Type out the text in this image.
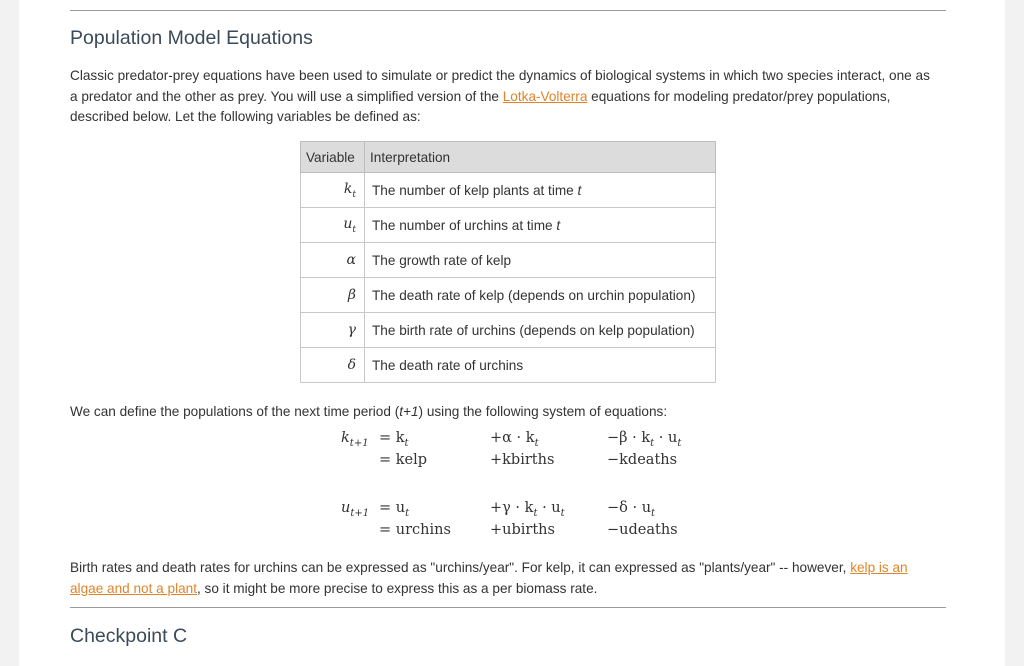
Population Model Equations

Classic predator-prey equations have been used to simulate or predict the dynamics of biological systems in which two species interact, one as a predator and the other as prey. You will use a simplified version of the Lotka-Volterra equations for modeling predator/prey populations, described below. Let the following variables be defined as:

Variable	Interpretation
$k_t$	The number of kelp plants at time t
$u_t$	The number of urchins at time t
α	The growth rate of kelp
β	The death rate of kelp (depends on urchin population)
γ	The birth rate of urchins (depends on kelp population)
δ	The death rate of urchins

We can define the populations of the next time period (t+1) using the following system of equations:

$k_{t+1} = k_t$	$+\alpha \cdot k_t$	$-\beta \cdot k_t \cdot u_t$
= kelp	+kbirths	−kdeaths
$u_{t+1} = u_t$	$+\gamma \cdot k_t \cdot u_t$	$-\delta \cdot u_t$
= urchins	+ubirths	−udeaths

Birth rates and death rates for urchins can be expressed as "urchins/year". For kelp, it can expressed as "plants/year" -- however, kelp is an algae and not a plant, so it might be more precise to express this as a per biomass rate.

Checkpoint C
